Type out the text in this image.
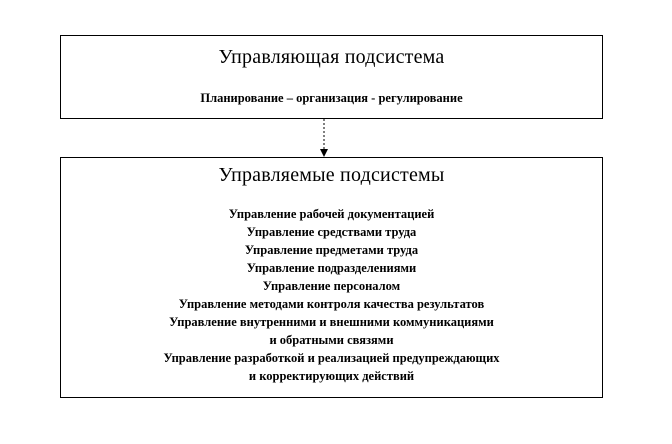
Управляющая подсистема
Планирование – организация - регулирование
Управляемые подсистемы
Управление рабочей документацией
Управление средствами труда
Управление предметами труда
Управление подразделениями
Управление персоналом
Управление методами контроля качества результатов
Управление внутренними и внешними коммуникациями
и обратными связями
Управление разработкой и реализацией предупреждающих
и корректирующих действий
